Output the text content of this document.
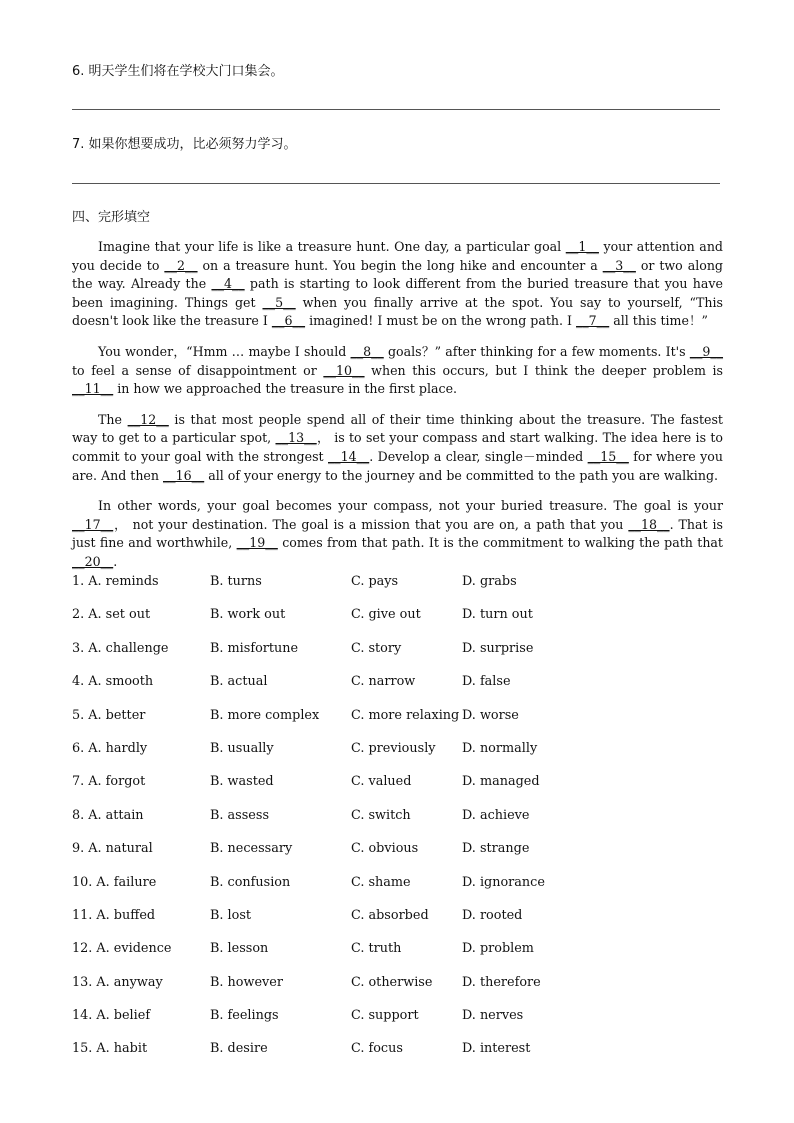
6. 明天学生们将在学校大门口集会。
7. 如果你想要成功，比必须努力学习。
四、完形填空

Imagine that your life is like a treasure hunt. One day, a particular goal __1__ your attention and you decide to __2__ on a treasure hunt. You begin the long hike and encounter a __3__ or two along the way. Already the __4__ path is starting to look different from the buried treasure that you have been imagining. Things get __5__ when you finally arrive at the spot. You say to yourself, “This doesn't look like the treasure I __6__ imagined! I must be on the wrong path. I __7__ all this time！”

You wonder，“Hmm … maybe I should __8__ goals？” after thinking for a few moments. It's __9__ to feel a sense of disappointment or __10__ when this occurs, but I think the deeper problem is __11__ in how we approached the treasure in the first place.

The __12__ is that most people spend all of their time thinking about the treasure. The fastest way to get to a particular spot, __13__， is to set your compass and start walking. The idea here is to commit to your goal with the strongest __14__. Develop a clear, single－minded __15__ for where you are. And then __16__ all of your energy to the journey and be committed to the path you are walking.

In other words, your goal becomes your compass, not your buried treasure. The goal is your __17__， not your destination. The goal is a mission that you are on, a path that you __18__. That is just fine and worthwhile, __19__ comes from that path. It is the commitment to walking the path that __20__.

1. A. reminds	B. turns	C. pays	D. grabs
2. A. set out	B. work out	C. give out	D. turn out
3. A. challenge	B. misfortune	C. story	D. surprise
4. A. smooth	B. actual	C. narrow	D. false
5. A. better	B. more complex C. more relaxing D. worse
6. A. hardly	B. usually	C. previously D. normally
7. A. forgot	B. wasted	C. valued	D. managed
8. A. attain	B. assess	C. switch	D. achieve
9. A. natural	B. necessary	C. obvious	D. strange
10. A. failure	B. confusion	C. shame	D. ignorance
11. A. buffed	B. lost	C. absorbed	D. rooted
12. A. evidence	B. lesson	C. truth	D. problem
13. A. anyway	B. however	C. otherwise D. therefore
14. A. belief	B. feelings	C. support	D. nerves
15. A. habit	B. desire	C. focus	D. interest
